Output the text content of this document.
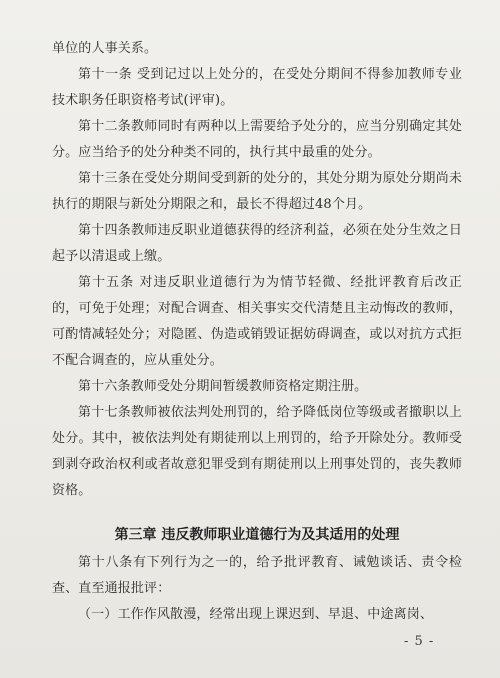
单位的人事关系。

第十一条 受到记过以上处分的，在受处分期间不得参加教师专业技术职务任职资格考试(评审)。

第十二条教师同时有两种以上需要给予处分的，应当分别确定其处分。应当给予的处分种类不同的，执行其中最重的处分。

第十三条在受处分期间受到新的处分的，其处分期为原处分期尚未执行的期限与新处分期限之和，最长不得超过48个月。

第十四条教师违反职业道德获得的经济利益，必须在处分生效之日起予以清退或上缴。

第十五条 对违反职业道德行为为情节轻微、经批评教育后改正的，可免于处理；对配合调查、相关事实交代清楚且主动悔改的教师，可酌情减轻处分；对隐匿、伪造或销毁证据妨碍调查，或以对抗方式拒不配合调查的，应从重处分。

第十六条教师受处分期间暂缓教师资格定期注册。

第十七条教师被依法判处刑罚的，给予降低岗位等级或者撤职以上处分。其中，被依法判处有期徒刑以上刑罚的，给予开除处分。教师受到剥夺政治权利或者故意犯罪受到有期徒刑以上刑事处罚的，丧失教师资格。

第三章 违反教师职业道德行为及其适用的处理

第十八条有下列行为之一的，给予批评教育、诫勉谈话、责令检查、直至通报批评：

（一）工作作风散漫，经常出现上课迟到、早退、中途离岗、

- 5 -
